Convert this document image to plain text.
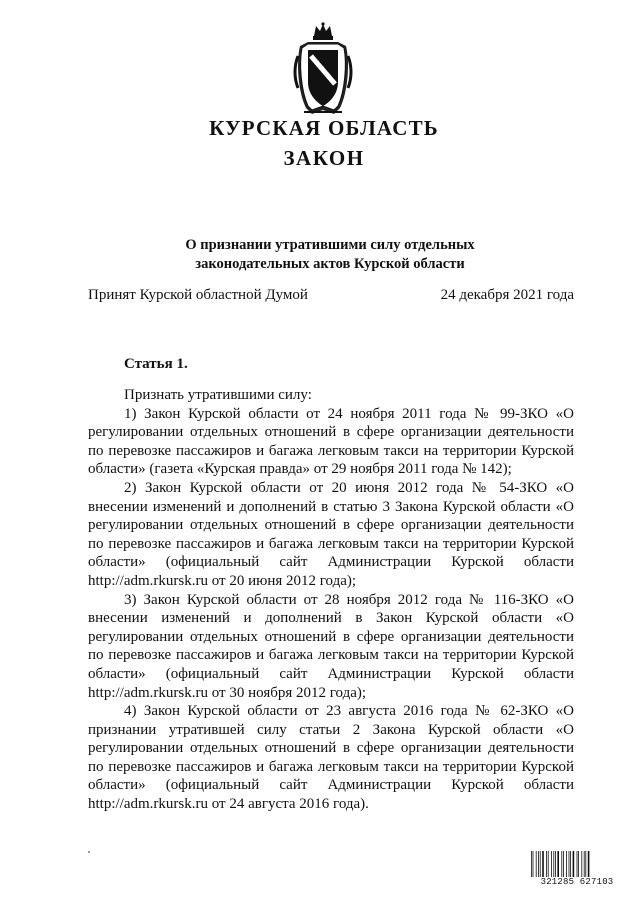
КУРСКАЯ ОБЛАСТЬ
ЗАКОН
О признании утратившими силу отдельных
законодательных актов Курской области
Принят Курской областной Думой	24 декабря 2021 года
Статья 1.

Признать утратившими силу:

1) Закон Курской области от 24 ноября 2011 года № 99-ЗКО «О регулировании отдельных отношений в сфере организации деятельности по перевозке пассажиров и багажа легковым такси на территории Курской области» (газета «Курская правда» от 29 ноября 2011 года № 142);

2) Закон Курской области от 20 июня 2012 года № 54-ЗКО «О внесении изменений и дополнений в статью 3 Закона Курской области «О регулировании отдельных отношений в сфере организации деятельности по перевозке пассажиров и багажа легковым такси на территории Курской области» (официальный сайт Администрации Курской области http://adm.rkursk.ru от 20 июня 2012 года);

3) Закон Курской области от 28 ноября 2012 года № 116-ЗКО «О внесении изменений и дополнений в Закон Курской области «О регулировании отдельных отношений в сфере организации деятельности по перевозке пассажиров и багажа легковым такси на территории Курской области» (официальный сайт Администрации Курской области http://adm.rkursk.ru от 30 ноября 2012 года);

4) Закон Курской области от 23 августа 2016 года № 62-ЗКО «О признании утратившей силу статьи 2 Закона Курской области «О регулировании отдельных отношений в сфере организации деятельности по перевозке пассажиров и багажа легковым такси на территории Курской области» (официальный сайт Администрации Курской области http://adm.rkursk.ru от 24 августа 2016 года).

321285 627103
